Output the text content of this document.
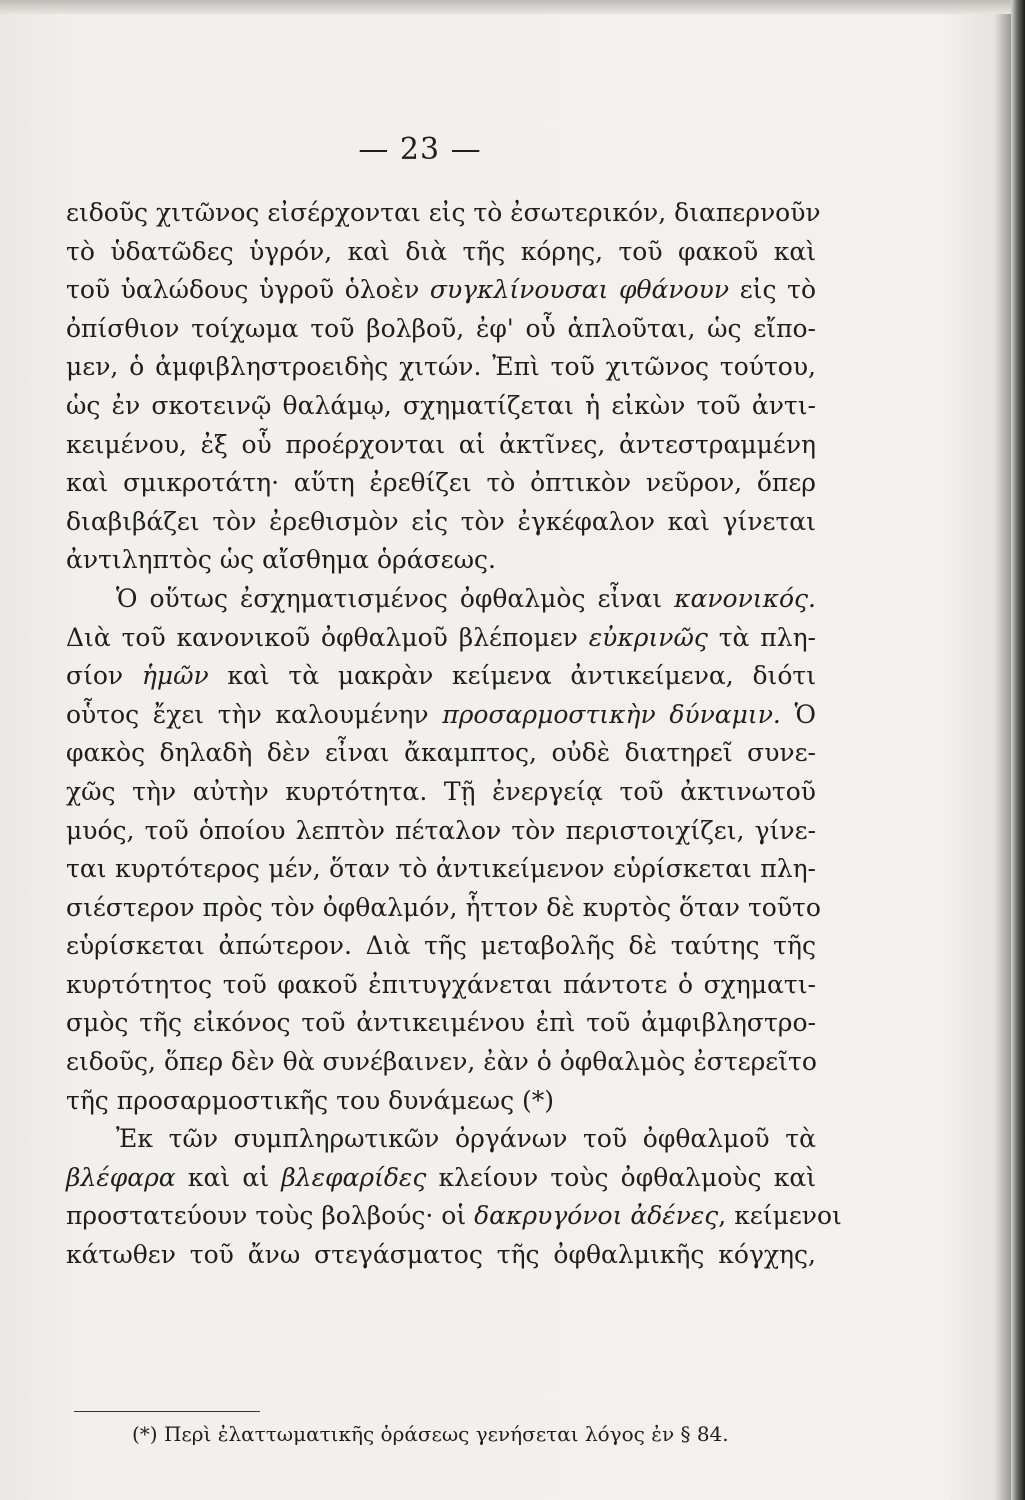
— 23 —
ειδοῦς χιτῶνος εἰσέρχονται εἰς τὸ ἐσωτερικόν, διαπερνοῦν
τὸ ὑδατῶδες ὑγρόν, καὶ διὰ τῆς κόρης, τοῦ φακοῦ καὶ
τοῦ ὑαλώδους ὑγροῦ ὁλοὲν συγκλίνουσαι φθάνουν εἰς τὸ
ὀπίσθιον τοίχωμα τοῦ βολβοῦ, ἐφ' οὗ ἁπλοῦται, ὡς εἴπο-
μεν, ὁ ἀμφιβληστροειδὴς χιτών. Ἐπὶ τοῦ χιτῶνος τούτου,
ὡς ἐν σκοτεινῷ θαλάμῳ, σχηματίζεται ἡ εἰκὼν τοῦ ἀντι-
κειμένου, ἐξ οὗ προέρχονται αἱ ἀκτῖνες, ἀντεστραμμένη
καὶ σμικροτάτη· αὕτη ἐρεθίζει τὸ ὀπτικὸν νεῦρον, ὅπερ
διαβιβάζει τὸν ἐρεθισμὸν εἰς τὸν ἐγκέφαλον καὶ γίνεται
ἀντιληπτὸς ὡς αἴσθημα ὁράσεως.
Ὁ οὕτως ἐσχηματισμένος ὀφθαλμὸς εἶναι κανονικός.
Διὰ τοῦ κανονικοῦ ὀφθαλμοῦ βλέπομεν εὐκρινῶς τὰ πλη-
σίον ἡμῶν καὶ τὰ μακρὰν κείμενα ἀντικείμενα, διότι
οὗτος ἔχει τὴν καλουμένην προσαρμοστικὴν δύναμιν. Ὁ
φακὸς δηλαδὴ δὲν εἶναι ἄκαμπτος, οὐδὲ διατηρεῖ συνε-
χῶς τὴν αὐτὴν κυρτότητα. Τῇ ἐνεργείᾳ τοῦ ἀκτινωτοῦ
μυός, τοῦ ὁποίου λεπτὸν πέταλον τὸν περιστοιχίζει, γίνε-
ται κυρτότερος μέν, ὅταν τὸ ἀντικείμενον εὑρίσκεται πλη-
σιέστερον πρὸς τὸν ὀφθαλμόν, ἧττον δὲ κυρτὸς ὅταν τοῦτο
εὑρίσκεται ἀπώτερον. Διὰ τῆς μεταβολῆς δὲ ταύτης τῆς
κυρτότητος τοῦ φακοῦ ἐπιτυγχάνεται πάντοτε ὁ σχηματι-
σμὸς τῆς εἰκόνος τοῦ ἀντικειμένου ἐπὶ τοῦ ἀμφιβληστρο-
ειδοῦς, ὅπερ δὲν θὰ συνέβαινεν, ἐὰν ὁ ὀφθαλμὸς ἐστερεῖτο
τῆς προσαρμοστικῆς του δυνάμεως (*)
Ἐκ τῶν συμπληρωτικῶν ὀργάνων τοῦ ὀφθαλμοῦ τὰ
βλέφαρα καὶ αἱ βλεφαρίδες κλείουν τοὺς ὀφθαλμοὺς καὶ
προστατεύουν τοὺς βολβούς· οἱ δακρυγόνοι ἀδένες, κείμενοι
κάτωθεν τοῦ ἄνω στεγάσματος τῆς ὀφθαλμικῆς κόγχης,
(*) Περὶ ἐλαττωματικῆς ὁράσεως γενήσεται λόγος ἐν § 84.
